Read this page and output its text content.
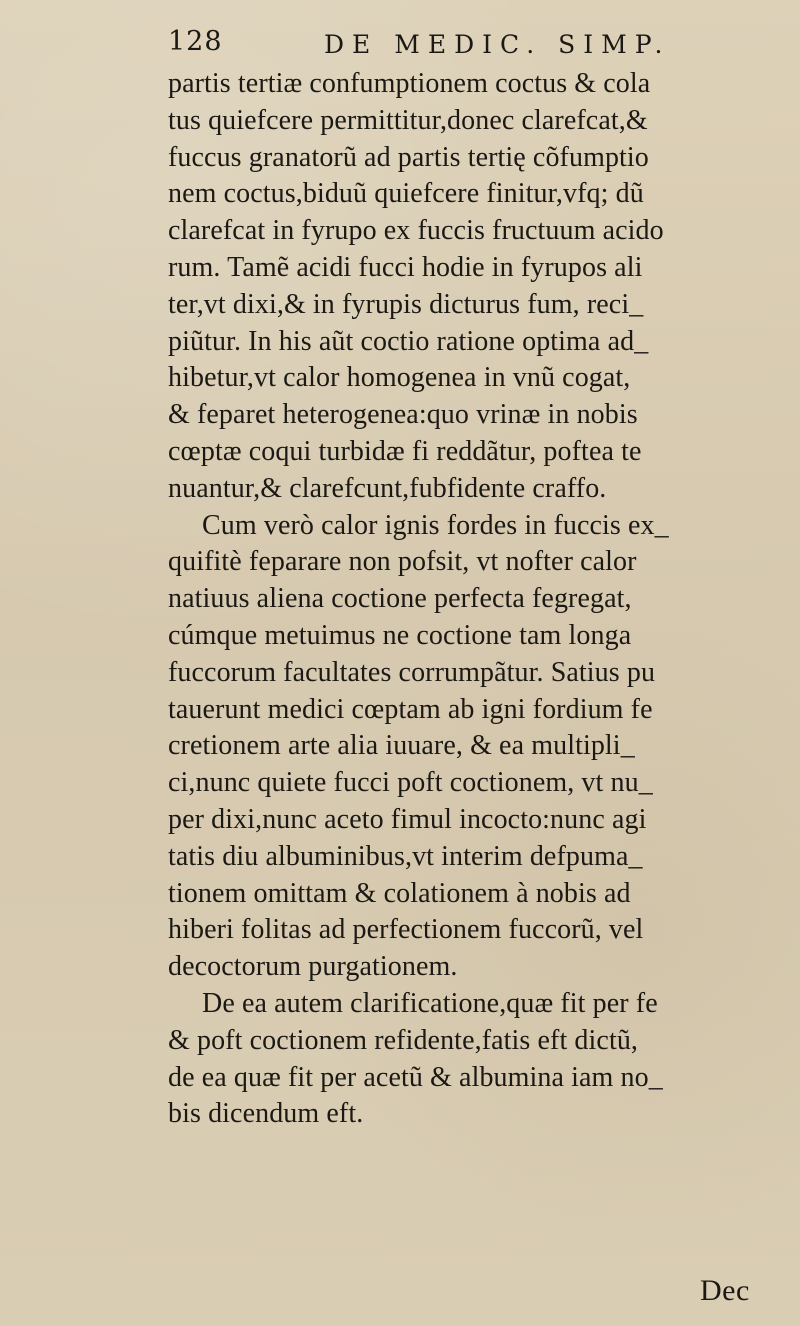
128	DE MEDIC. SIMP.
partis tertiæ confumptionem coctus & cola
tus quiefcere permittitur,donec clarefcat,&
fuccus granatorũ ad partis tertię cõfumptio
nem coctus,biduũ quiefcere finitur,vfq; dũ
clarefcat in fyrupo ex fuccis fructuum acido
rum. Tamẽ acidi fucci hodie in fyrupos ali
ter,vt dixi,& in fyrupis dicturus fum, reci_
piũtur. In his aũt coctio ratione optima ad_
hibetur,vt calor homogenea in vnũ cogat,
& feparet heterogenea:quo vrinæ in nobis
cœptæ coqui turbidæ fi reddãtur, poftea te
nuantur,& clarefcunt,fubfidente craffo.
Cum verò calor ignis fordes in fuccis ex_
quifitè feparare non pofsit, vt nofter calor
natiuus aliena coctione perfecta fegregat,
cúmque metuimus ne coctione tam longa
fuccorum facultates corrumpãtur. Satius pu
tauerunt medici cœptam ab igni fordium fe
cretionem arte alia iuuare, & ea multipli_
ci,nunc quiete fucci poft coctionem, vt nu_
per dixi,nunc aceto fimul incocto:nunc agi
tatis diu albuminibus,vt interim defpuma_
tionem omittam & colationem à nobis ad
hiberi folitas ad perfectionem fuccorũ, vel
decoctorum purgationem.
De ea autem clarificatione,quæ fit per fe
& poft coctionem refidente,fatis eft dictũ,
de ea quæ fit per acetũ & albumina iam no_
bis dicendum eft.
Dec
